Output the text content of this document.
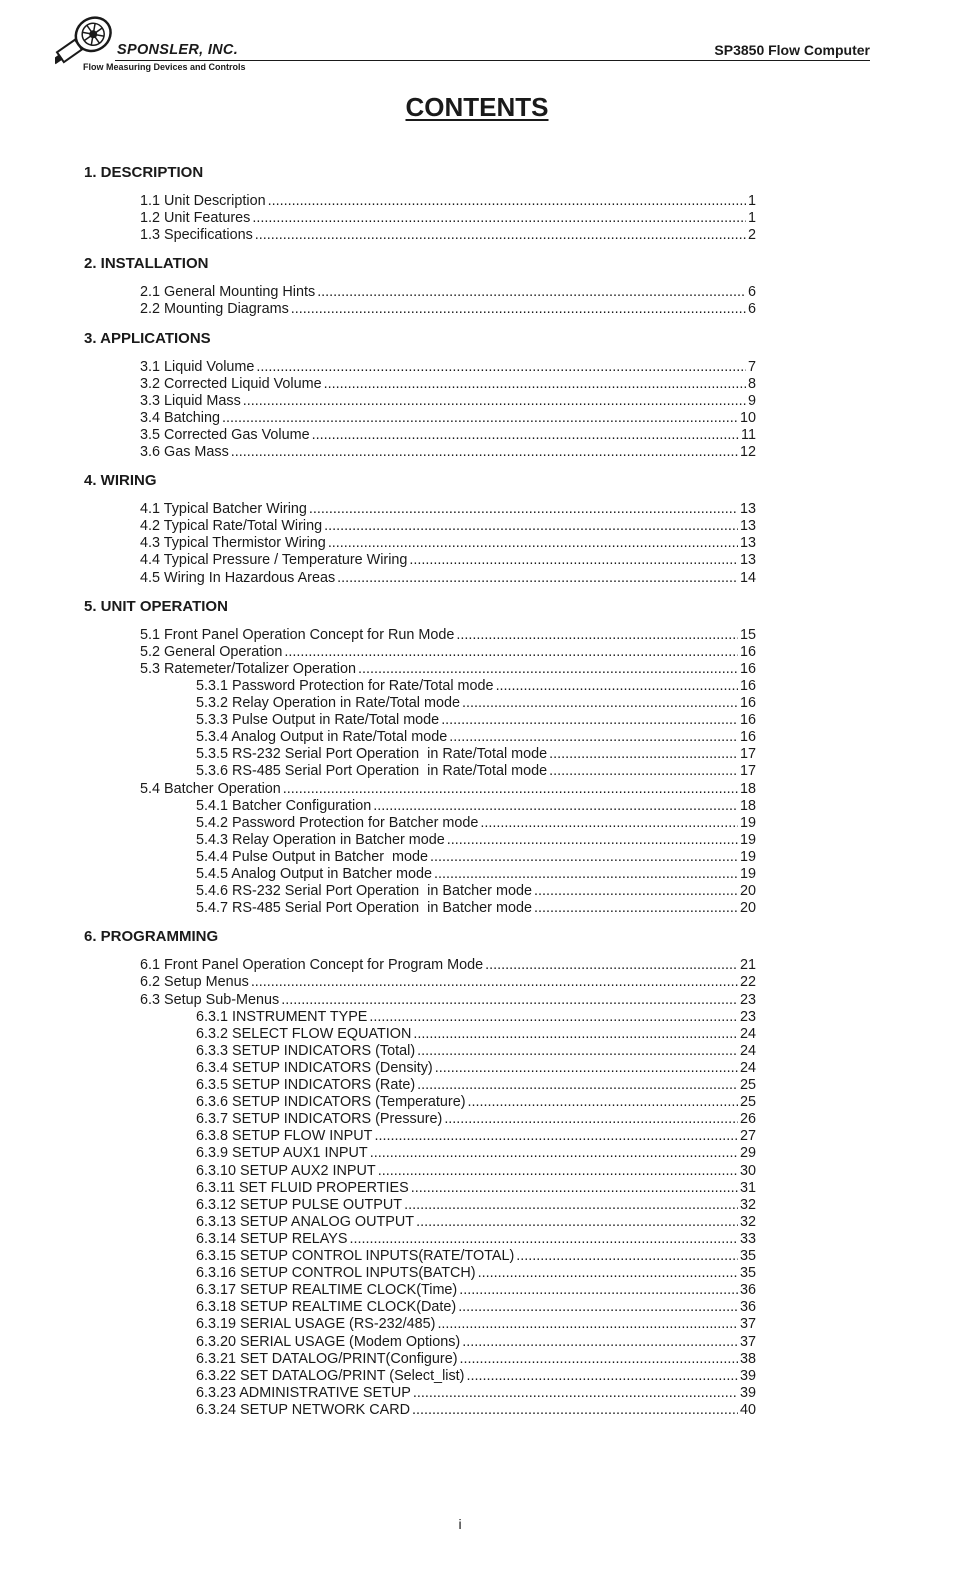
SPONSLER, INC.
Flow Measuring Devices and Controls
SP3850 Flow Computer
CONTENTS
1. DESCRIPTION
1.1 Unit Description .....	1
1.2 Unit Features .....	1
1.3 Specifications .....	2
2. INSTALLATION
2.1 General Mounting Hints .....	6
2.2 Mounting Diagrams .....	6
3. APPLICATIONS
3.1 Liquid Volume .....	7
3.2 Corrected Liquid Volume .....	8
3.3 Liquid Mass .....	9
3.4 Batching .....	10
3.5 Corrected Gas Volume .....	11
3.6 Gas Mass .....	12
4. WIRING
4.1 Typical Batcher Wiring .....	13
4.2 Typical Rate/Total Wiring .....	13
4.3 Typical Thermistor Wiring .....	13
4.4 Typical Pressure / Temperature Wiring .....	13
4.5 Wiring In Hazardous Areas .....	14
5. UNIT OPERATION
5.1 Front Panel Operation Concept for Run Mode .....	15
5.2 General Operation .....	16
5.3 Ratemeter/Totalizer Operation .....	16
5.3.1 Password Protection for Rate/Total mode .....	16
5.3.2 Relay Operation in Rate/Total mode .....	16
5.3.3 Pulse Output in Rate/Total mode .....	16
5.3.4 Analog Output in Rate/Total mode .....	16
5.3.5 RS-232 Serial Port Operation  in Rate/Total mode .....	17
5.3.6 RS-485 Serial Port Operation  in Rate/Total mode .....	17
5.4 Batcher Operation .....	18
5.4.1 Batcher Configuration .....	18
5.4.2 Password Protection for Batcher mode .....	19
5.4.3 Relay Operation in Batcher mode .....	19
5.4.4 Pulse Output in Batcher  mode .....	19
5.4.5 Analog Output in Batcher mode .....	19
5.4.6 RS-232 Serial Port Operation  in Batcher mode .....	20
5.4.7 RS-485 Serial Port Operation  in Batcher mode .....	20
6. PROGRAMMING
6.1 Front Panel Operation Concept for Program Mode .....	21
6.2 Setup Menus .....	22
6.3 Setup Sub-Menus .....	23
6.3.1 INSTRUMENT TYPE .....	23
6.3.2 SELECT FLOW EQUATION .....	24
6.3.3 SETUP INDICATORS (Total) .....	24
6.3.4 SETUP INDICATORS (Density) .....	24
6.3.5 SETUP INDICATORS (Rate) .....	25
6.3.6 SETUP INDICATORS (Temperature) .....	25
6.3.7 SETUP INDICATORS (Pressure) .....	26
6.3.8 SETUP FLOW INPUT .....	27
6.3.9 SETUP AUX1 INPUT .....	29
6.3.10 SETUP AUX2 INPUT .....	30
6.3.11 SET FLUID PROPERTIES .....	31
6.3.12 SETUP PULSE OUTPUT .....	32
6.3.13 SETUP ANALOG OUTPUT .....	32
6.3.14 SETUP RELAYS .....	33
6.3.15 SETUP CONTROL INPUTS(RATE/TOTAL) .....	35
6.3.16 SETUP CONTROL INPUTS(BATCH) .....	35
6.3.17 SETUP REALTIME CLOCK(Time) .....	36
6.3.18 SETUP REALTIME CLOCK(Date) .....	36
6.3.19 SERIAL USAGE (RS-232/485) .....	37
6.3.20 SERIAL USAGE (Modem Options) .....	37
6.3.21 SET DATALOG/PRINT(Configure) .....	38
6.3.22 SET DATALOG/PRINT (Select_list) .....	39
6.3.23 ADMINISTRATIVE SETUP .....	39
6.3.24 SETUP NETWORK CARD .....	40
i
